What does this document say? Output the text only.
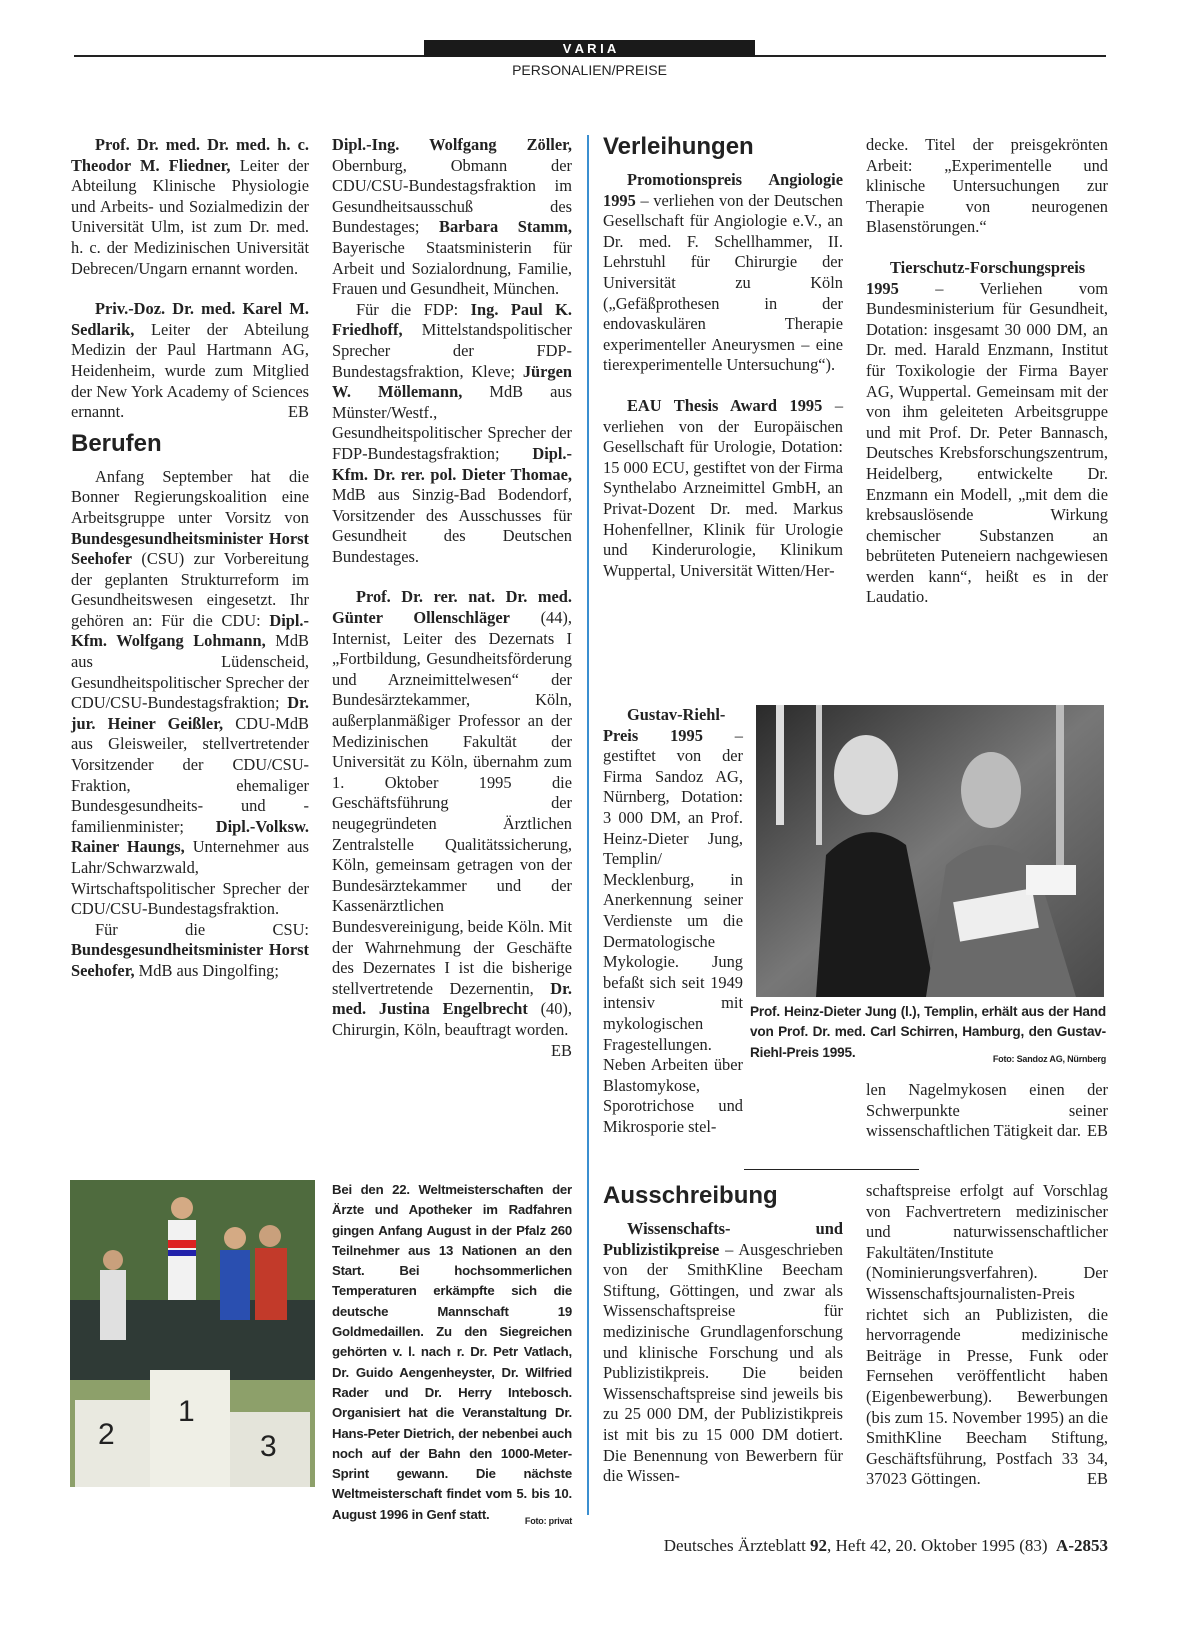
V A R I A
PERSONALIEN/PREISE

Prof. Dr. med. Dr. med. h. c. Theodor M. Fliedner, Leiter der Abteilung Klinische Physiologie und Arbeits- und Sozialmedizin der Universität Ulm, ist zum Dr. med. h. c. der Medizinischen Universität Debrecen/Ungarn ernannt worden.

Priv.-Doz. Dr. med. Karel M. Sedlarik, Leiter der Abteilung Medizin der Paul Hartmann AG, Heidenheim, wurde zum Mitglied der New York Academy of Sciences ernannt.	EB

Berufen

Anfang September hat die Bonner Regierungskoalition eine Arbeitsgruppe unter Vorsitz von Bundesgesundheitsminister Horst Seehofer (CSU) zur Vorbereitung der geplanten Strukturreform im Gesundheitswesen eingesetzt. Ihr gehören an: Für die CDU: Dipl.-Kfm. Wolfgang Lohmann, MdB aus Lüdenscheid, Gesundheitspolitischer Sprecher der CDU/CSU-Bundestagsfraktion; Dr. jur. Heiner Geißler, CDU-MdB aus Gleisweiler, stellvertretender Vorsitzender der CDU/CSU-Fraktion, ehemaliger Bundesgesundheits- und -familienminister; Dipl.-Volksw. Rainer Haungs, Unternehmer aus Lahr/Schwarzwald, Wirtschaftspolitischer Sprecher der CDU/CSU-Bundestagsfraktion.

Für die CSU: Bundesgesundheitsminister Horst Seehofer, MdB aus Dingolfing;

Dipl.-Ing. Wolfgang Zöller, Obernburg, Obmann der CDU/CSU-Bundestagsfraktion im Gesundheitsausschuß des Bundestages; Barbara Stamm, Bayerische Staatsministerin für Arbeit und Sozialordnung, Familie, Frauen und Gesundheit, München.

Für die FDP: Ing. Paul K. Friedhoff, Mittelstandspolitischer Sprecher der FDP-Bundestagsfraktion, Kleve; Jürgen W. Möllemann, MdB aus Münster/Westf., Gesundheitspolitischer Sprecher der FDP-Bundestagsfraktion; Dipl.-Kfm. Dr. rer. pol. Dieter Thomae, MdB aus Sinzig-Bad Bodendorf, Vorsitzender des Ausschusses für Gesundheit des Deutschen Bundestages.

Prof. Dr. rer. nat. Dr. med. Günter Ollenschläger (44), Internist, Leiter des Dezernats I „Fortbildung, Gesundheitsförderung und Arzneimittelwesen“ der Bundesärztekammer, Köln, außerplanmäßiger Professor an der Medizinischen Fakultät der Universität zu Köln, übernahm zum 1. Oktober 1995 die Geschäftsführung der neugegründeten Ärztlichen Zentralstelle Qualitätssicherung, Köln, gemeinsam getragen von der Bundesärztekammer und der Kassenärztlichen Bundesvereinigung, beide Köln. Mit der Wahrnehmung der Geschäfte des Dezernates I ist die bisherige stellvertretende Dezernentin, Dr. med. Justina Engelbrecht (40), Chirurgin, Köln, beauftragt worden.
EB

Verleihungen

Promotionspreis Angiologie 1995 – verliehen von der Deutschen Gesellschaft für Angiologie e.V., an Dr. med. F. Schellhammer, II. Lehrstuhl für Chirurgie der Universität zu Köln („Gefäßprothesen in der endovaskulären Therapie experimenteller Aneurysmen – eine tierexperimentelle Untersuchung“).

EAU Thesis Award 1995 – verliehen von der Europäischen Gesellschaft für Urologie, Dotation: 15 000 ECU, gestiftet von der Firma Synthelabo Arzneimittel GmbH, an Privat-Dozent Dr. med. Markus Hohenfellner, Klinik für Urologie und Kinderurologie, Klinikum Wuppertal, Universität Witten/Her-

decke. Titel der preisgekrönten Arbeit: „Experimentelle und klinische Untersuchungen zur Therapie von neurogenen Blasenstörungen.“

Tierschutz-Forschungspreis 1995 – Verliehen vom Bundesministerium für Gesundheit, Dotation: insgesamt 30 000 DM, an Dr. med. Harald Enzmann, Institut für Toxikologie der Firma Bayer AG, Wuppertal. Gemeinsam mit der von ihm geleiteten Arbeitsgruppe und mit Prof. Dr. Peter Bannasch, Deutsches Krebsforschungszentrum, Heidelberg, entwickelte Dr. Enzmann ein Modell, „mit dem die krebsauslösende Wirkung chemischer Substanzen an bebrüteten Puteneiern nachgewiesen werden kann“, heißt es in der Laudatio.

Gustav-Riehl-Preis 1995 – gestiftet von der Firma Sandoz AG, Nürnberg, Dotation: 3 000 DM, an Prof. Heinz-Dieter Jung, Templin/ Mecklenburg, in Anerkennung seiner Verdienste um die Dermatologische Mykologie. Jung befaßt sich seit 1949 intensiv mit mykologischen Fragestellungen. Neben Arbeiten über Blastomykose, Sporotrichose und Mikrosporie stel-

Prof. Heinz-Dieter Jung (l.), Templin, erhält aus der Hand von Prof. Dr. med. Carl Schirren, Hamburg, den Gustav-Riehl-Preis 1995.	Foto: Sandoz AG, Nürnberg

len Nagelmykosen einen der Schwerpunkte seiner wissenschaftlichen Tätigkeit dar. EB

Ausschreibung

Wissenschafts- und Publizistikpreise – Ausgeschrieben von der SmithKline Beecham Stiftung, Göttingen, und zwar als Wissenschaftspreise für medizinische Grundlagenforschung und klinische Forschung und als Publizistikpreis. Die beiden Wissenschaftspreise sind jeweils bis zu 25 000 DM, der Publizistikpreis ist mit bis zu 15 000 DM dotiert. Die Benennung von Bewerbern für die Wissen-

schaftspreise erfolgt auf Vorschlag von Fachvertretern medizinischer und naturwissenschaftlicher Fakultäten/Institute (Nominierungsverfahren). Der Wissenschaftsjournalisten-Preis richtet sich an Publizisten, die hervorragende medizinische Beiträge in Presse, Funk oder Fernsehen veröffentlicht haben (Eigenbewerbung). Bewerbungen (bis zum 15. November 1995) an die SmithKline Beecham Stiftung, Geschäftsführung, Postfach 33 34, 37023 Göttingen.	EB

2
1
3
Bei den 22. Weltmeisterschaften der Ärzte und Apotheker im Radfahren gingen Anfang August in der Pfalz 260 Teilnehmer aus 13 Nationen an den Start. Bei hochsommerlichen Temperaturen erkämpfte sich die deutsche Mannschaft 19 Goldmedaillen. Zu den Siegreichen gehörten v. l. nach r. Dr. Petr Vatlach, Dr. Guido Aengenheyster, Dr. Wilfried Rader und Dr. Herry Intebosch. Organisiert hat die Veranstaltung Dr. Hans-Peter Dietrich, der nebenbei auch noch auf der Bahn den 1000-Meter-Sprint gewann. Die nächste Weltmeisterschaft findet vom 5. bis 10. August 1996 in Genf statt.	Foto: privat
Deutsches Ärzteblatt 92, Heft 42, 20. Oktober 1995 (83) A-2853
